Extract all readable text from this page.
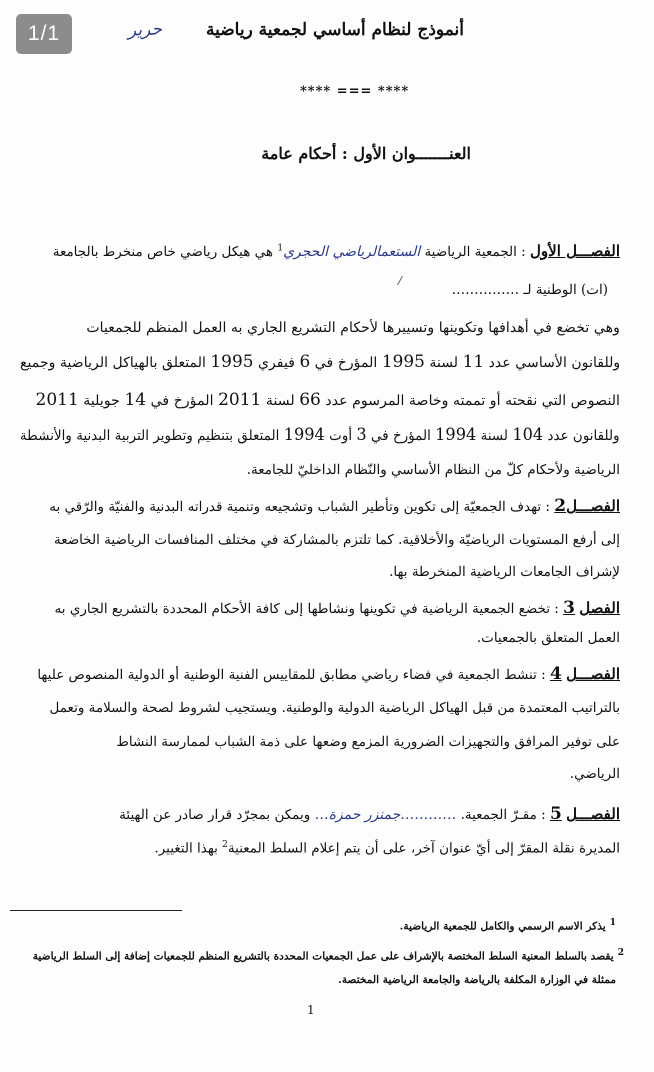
1/1	حرير	أنموذج لنظام أساسي لجمعية رياضية
**** === ****
العنـــــــوان الأول : أحكام عامة
الفصـــل الأول : الجمعية الرياضية الستعمالرياضي الحجري$^1$ هي هيكل رياضي خاص منخرط بالجامعة
(ات) الوطنية لـ ……………
وهي تخضع في أهدافها وتكوينها وتسييرها لأحكام التشريع الجاري به العمل المنظم للجمعيات
وللقانون الأساسي عدد 11 لسنة 1995 المؤرخ في 6 فيفري 1995 المتعلق بالهياكل الرياضية وجميع
النصوص التي نقحته أو تممته وخاصة المرسوم عدد 66 لسنة 2011 المؤرخ في 14 جويلية 2011
وللقانون عدد 104 لسنة 1994 المؤرخ في 3 أوت 1994 المتعلق بتنظيم وتطوير التربية البدنية والأنشطة
الرياضية ولأحكام كلّ من النظام الأساسي والنّظام الداخليّ للجامعة.
الفصـــل2 : تهدف الجمعيّة إلى تكوين وتأطير الشباب وتشجيعه وتنمية قدراته البدنية والفنيّة والرّقي به
إلى أرفع المستويات الرياضيّة والأخلاقية. كما تلتزم بالمشاركة في مختلف المنافسات الرياضية الخاضعة
لإشراف الجامعات الرياضية المنخرطة بها.
الفصل 3 : تخضع الجمعية الرياضية في تكوينها ونشاطها إلى كافة الأحكام المحددة بالتشريع الجاري به
العمل المتعلق بالجمعيات.
الفصـــل 4 : تنشط الجمعية في فضاء رياضي مطابق للمقاييس الفنية الوطنية أو الدولية المنصوص عليها
بالتراتيب المعتمدة من قبل الهياكل الرياضية الدولية والوطنية. ويستجيب لشروط لصحة والسلامة وتعمل
على توفير المرافق والتجهيزات الضرورية المزمع وضعها على ذمة الشباب لممارسة النشاط
الرياضي.
الفصـــل 5 : مقـرّ الجمعية. …………جمنزر حمزة… ويمكن بمجرّد قرار صادر عن الهيئة
المديرة نقلة المقرّ إلى أيّ عنوان آخر، على أن يتم إعلام السلط المعنية$^2$ بهذا التغيير.
$^1$يذكر الاسم الرسمي والكامل للجمعية الرياضية.
$^2$يقصد بالسلط المعنية السلط المختصة بالإشراف على عمل الجمعيات المحددة بالتشريع المنظم للجمعيات إضافة إلى السلط الرياضية
ممثلة في الوزارة المكلفة بالرياضة والجامعة الرياضية المختصة.
1
